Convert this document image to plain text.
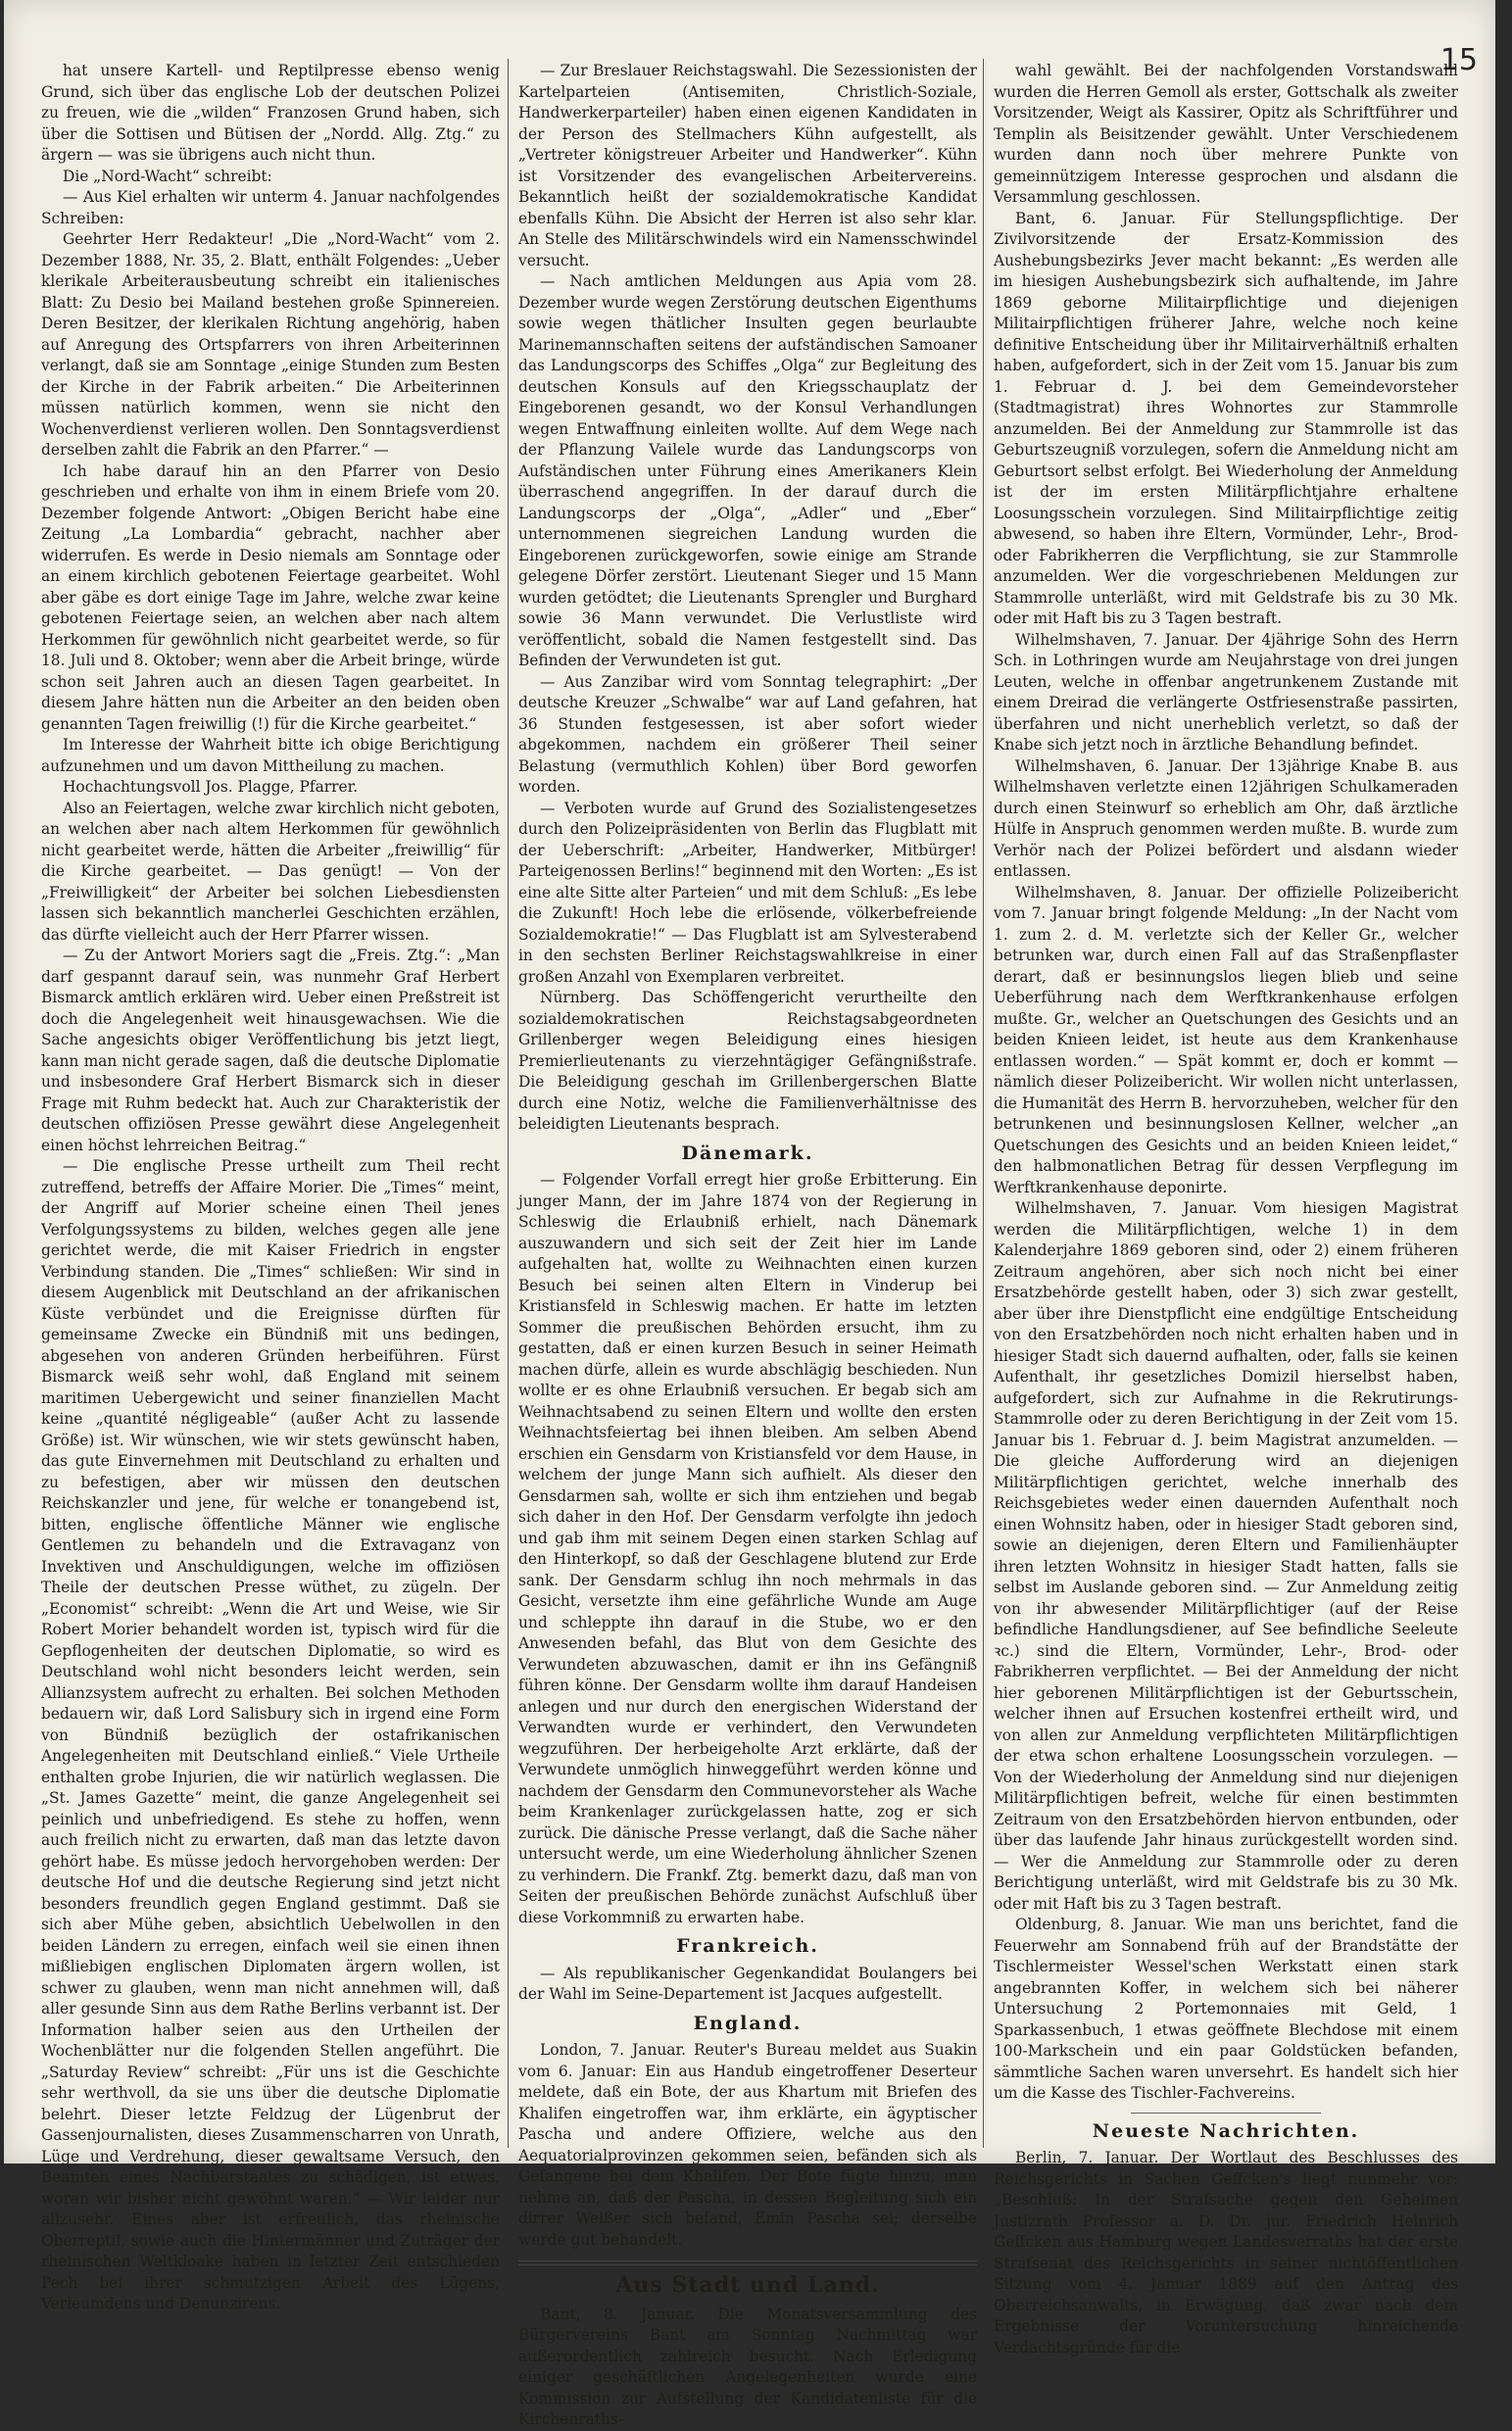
15

hat unsere Kartell- und Reptilpresse ebenso wenig Grund, sich über das englische Lob der deutschen Polizei zu freuen, wie die „wilden“ Franzosen Grund haben, sich über die Sottisen und Bütisen der „Nordd. Allg. Ztg.“ zu ärgern — was sie übrigens auch nicht thun.

Die „Nord-Wacht“ schreibt:

— Aus Kiel erhalten wir unterm 4. Januar nachfolgendes Schreiben:

Geehrter Herr Redakteur! „Die „Nord-Wacht“ vom 2. Dezember 1888, Nr. 35, 2. Blatt, enthält Folgendes: „Ueber klerikale Arbeiterausbeutung schreibt ein italienisches Blatt: Zu Desio bei Mailand bestehen große Spinnereien. Deren Besitzer, der klerikalen Richtung angehörig, haben auf Anregung des Ortspfarrers von ihren Arbeiterinnen verlangt, daß sie am Sonntage „einige Stunden zum Besten der Kirche in der Fabrik arbeiten.“ Die Arbeiterinnen müssen natürlich kommen, wenn sie nicht den Wochenverdienst verlieren wollen. Den Sonntagsverdienst derselben zahlt die Fabrik an den Pfarrer.“ —

Ich habe darauf hin an den Pfarrer von Desio geschrieben und erhalte von ihm in einem Briefe vom 20. Dezember folgende Antwort: „Obigen Bericht habe eine Zeitung „La Lombardia“ gebracht, nachher aber widerrufen. Es werde in Desio niemals am Sonntage oder an einem kirchlich gebotenen Feiertage gearbeitet. Wohl aber gäbe es dort einige Tage im Jahre, welche zwar keine gebotenen Feiertage seien, an welchen aber nach altem Herkommen für gewöhnlich nicht gearbeitet werde, so für 18. Juli und 8. Oktober; wenn aber die Arbeit bringe, würde schon seit Jahren auch an diesen Tagen gearbeitet. In diesem Jahre hätten nun die Arbeiter an den beiden oben genannten Tagen freiwillig (!) für die Kirche gearbeitet.“

Im Interesse der Wahrheit bitte ich obige Berichtigung aufzunehmen und um davon Mittheilung zu machen.

Hochachtungsvoll Jos. Plagge, Pfarrer.

Also an Feiertagen, welche zwar kirchlich nicht geboten, an welchen aber nach altem Herkommen für gewöhnlich nicht gearbeitet werde, hätten die Arbeiter „freiwillig“ für die Kirche gearbeitet. — Das genügt! — Von der „Freiwilligkeit“ der Arbeiter bei solchen Liebesdiensten lassen sich bekanntlich mancherlei Geschichten erzählen, das dürfte vielleicht auch der Herr Pfarrer wissen.

— Zu der Antwort Moriers sagt die „Freis. Ztg.“: „Man darf gespannt darauf sein, was nunmehr Graf Herbert Bismarck amtlich erklären wird. Ueber einen Preßstreit ist doch die Angelegenheit weit hinausgewachsen. Wie die Sache angesichts obiger Veröffentlichung bis jetzt liegt, kann man nicht gerade sagen, daß die deutsche Diplomatie und insbesondere Graf Herbert Bismarck sich in dieser Frage mit Ruhm bedeckt hat. Auch zur Charakteristik der deutschen offiziösen Presse gewährt diese Angelegenheit einen höchst lehrreichen Beitrag.“

— Die englische Presse urtheilt zum Theil recht zutreffend, betreffs der Affaire Morier. Die „Times“ meint, der Angriff auf Morier scheine einen Theil jenes Verfolgungssystems zu bilden, welches gegen alle jene gerichtet werde, die mit Kaiser Friedrich in engster Verbindung standen. Die „Times“ schließen: Wir sind in diesem Augenblick mit Deutschland an der afrikanischen Küste verbündet und die Ereignisse dürften für gemeinsame Zwecke ein Bündniß mit uns bedingen, abgesehen von anderen Gründen herbeiführen. Fürst Bismarck weiß sehr wohl, daß England mit seinem maritimen Uebergewicht und seiner finanziellen Macht keine „quantité négligeable“ (außer Acht zu lassende Größe) ist. Wir wünschen, wie wir stets gewünscht haben, das gute Einvernehmen mit Deutschland zu erhalten und zu befestigen, aber wir müssen den deutschen Reichskanzler und jene, für welche er tonangebend ist, bitten, englische öffentliche Männer wie englische Gentlemen zu behandeln und die Extravaganz von Invektiven und Anschuldigungen, welche im offiziösen Theile der deutschen Presse wüthet, zu zügeln. Der „Economist“ schreibt: „Wenn die Art und Weise, wie Sir Robert Morier behandelt worden ist, typisch wird für die Gepflogenheiten der deutschen Diplomatie, so wird es Deutschland wohl nicht besonders leicht werden, sein Allianzsystem aufrecht zu erhalten. Bei solchen Methoden bedauern wir, daß Lord Salisbury sich in irgend eine Form von Bündniß bezüglich der ostafrikanischen Angelegenheiten mit Deutschland einließ.“ Viele Urtheile enthalten grobe Injurien, die wir natürlich weglassen. Die „St. James Gazette“ meint, die ganze Angelegenheit sei peinlich und unbefriedigend. Es stehe zu hoffen, wenn auch freilich nicht zu erwarten, daß man das letzte davon gehört habe. Es müsse jedoch hervorgehoben werden: Der deutsche Hof und die deutsche Regierung sind jetzt nicht besonders freundlich gegen England gestimmt. Daß sie sich aber Mühe geben, absichtlich Uebelwollen in den beiden Ländern zu erregen, einfach weil sie einen ihnen mißliebigen englischen Diplomaten ärgern wollen, ist schwer zu glauben, wenn man nicht annehmen will, daß aller gesunde Sinn aus dem Rathe Berlins verbannt ist. Der Information halber seien aus den Urtheilen der Wochenblätter nur die folgenden Stellen angeführt. Die „Saturday Review“ schreibt: „Für uns ist die Geschichte sehr werthvoll, da sie uns über die deutsche Diplomatie belehrt. Dieser letzte Feldzug der Lügenbrut der Gassenjournalisten, dieses Zusammenscharren von Unrath, Lüge und Verdrehung, dieser gewaltsame Versuch, den Beamten eines Nachbarstaates zu schädigen, ist etwas, woran wir bisher nicht gewöhnt waren.“ — Wir leider nur allzusehr. Eines aber ist erfreulich, das rheinische Oberreptil, sowie auch die Hintermänner und Zuträger der rheinischen Weltkloake haben in letzter Zeit entschieden Pech bei ihrer schmutzigen Arbeit des Lügens, Verleumdens und Denunzirens.

— Zur Breslauer Reichstagswahl. Die Sezessionisten der Kartelparteien (Antisemiten, Christlich-Soziale, Handwerkerparteiler) haben einen eigenen Kandidaten in der Person des Stellmachers Kühn aufgestellt, als „Vertreter königstreuer Arbeiter und Handwerker“. Kühn ist Vorsitzender des evangelischen Arbeitervereins. Bekanntlich heißt der sozialdemokratische Kandidat ebenfalls Kühn. Die Absicht der Herren ist also sehr klar. An Stelle des Militärschwindels wird ein Namensschwindel versucht.

— Nach amtlichen Meldungen aus Apia vom 28. Dezember wurde wegen Zerstörung deutschen Eigenthums sowie wegen thätlicher Insulten gegen beurlaubte Marinemannschaften seitens der aufständischen Samoaner das Landungscorps des Schiffes „Olga“ zur Begleitung des deutschen Konsuls auf den Kriegsschauplatz der Eingeborenen gesandt, wo der Konsul Verhandlungen wegen Entwaffnung einleiten wollte. Auf dem Wege nach der Pflanzung Vailele wurde das Landungscorps von Aufständischen unter Führung eines Amerikaners Klein überraschend angegriffen. In der darauf durch die Landungscorps der „Olga“, „Adler“ und „Eber“ unternommenen siegreichen Landung wurden die Eingeborenen zurückgeworfen, sowie einige am Strande gelegene Dörfer zerstört. Lieutenant Sieger und 15 Mann wurden getödtet; die Lieutenants Sprengler und Burghard sowie 36 Mann verwundet. Die Verlustliste wird veröffentlicht, sobald die Namen festgestellt sind. Das Befinden der Verwundeten ist gut.

— Aus Zanzibar wird vom Sonntag telegraphirt: „Der deutsche Kreuzer „Schwalbe“ war auf Land gefahren, hat 36 Stunden festgesessen, ist aber sofort wieder abgekommen, nachdem ein größerer Theil seiner Belastung (vermuthlich Kohlen) über Bord geworfen worden.

— Verboten wurde auf Grund des Sozialistengesetzes durch den Polizeipräsidenten von Berlin das Flugblatt mit der Ueberschrift: „Arbeiter, Handwerker, Mitbürger! Parteigenossen Berlins!“ beginnend mit den Worten: „Es ist eine alte Sitte alter Parteien“ und mit dem Schluß: „Es lebe die Zukunft! Hoch lebe die erlösende, völkerbefreiende Sozialdemokratie!“ — Das Flugblatt ist am Sylvesterabend in den sechsten Berliner Reichstagswahlkreise in einer großen Anzahl von Exemplaren verbreitet.

Nürnberg. Das Schöffengericht verurtheilte den sozialdemokratischen Reichstagsabgeordneten Grillenberger wegen Beleidigung eines hiesigen Premierlieutenants zu vierzehntägiger Gefängnißstrafe. Die Beleidigung geschah im Grillenbergerschen Blatte durch eine Notiz, welche die Familienverhältnisse des beleidigten Lieutenants besprach.

Dänemark.

— Folgender Vorfall erregt hier große Erbitterung. Ein junger Mann, der im Jahre 1874 von der Regierung in Schleswig die Erlaubniß erhielt, nach Dänemark auszuwandern und sich seit der Zeit hier im Lande aufgehalten hat, wollte zu Weihnachten einen kurzen Besuch bei seinen alten Eltern in Vinderup bei Kristiansfeld in Schleswig machen. Er hatte im letzten Sommer die preußischen Behörden ersucht, ihm zu gestatten, daß er einen kurzen Besuch in seiner Heimath machen dürfe, allein es wurde abschlägig beschieden. Nun wollte er es ohne Erlaubniß versuchen. Er begab sich am Weihnachtsabend zu seinen Eltern und wollte den ersten Weihnachtsfeiertag bei ihnen bleiben. Am selben Abend erschien ein Gensdarm von Kristiansfeld vor dem Hause, in welchem der junge Mann sich aufhielt. Als dieser den Gensdarmen sah, wollte er sich ihm entziehen und begab sich daher in den Hof. Der Gensdarm verfolgte ihn jedoch und gab ihm mit seinem Degen einen starken Schlag auf den Hinterkopf, so daß der Geschlagene blutend zur Erde sank. Der Gensdarm schlug ihn noch mehrmals in das Gesicht, versetzte ihm eine gefährliche Wunde am Auge und schleppte ihn darauf in die Stube, wo er den Anwesenden befahl, das Blut von dem Gesichte des Verwundeten abzuwaschen, damit er ihn ins Gefängniß führen könne. Der Gensdarm wollte ihm darauf Handeisen anlegen und nur durch den energischen Widerstand der Verwandten wurde er verhindert, den Verwundeten wegzuführen. Der herbeigeholte Arzt erklärte, daß der Verwundete unmöglich hinweggeführt werden könne und nachdem der Gensdarm den Communevorsteher als Wache beim Krankenlager zurückgelassen hatte, zog er sich zurück. Die dänische Presse verlangt, daß die Sache näher untersucht werde, um eine Wiederholung ähnlicher Szenen zu verhindern. Die Frankf. Ztg. bemerkt dazu, daß man von Seiten der preußischen Behörde zunächst Aufschluß über diese Vorkommniß zu erwarten habe.

Frankreich.

— Als republikanischer Gegenkandidat Boulangers bei der Wahl im Seine-Departement ist Jacques aufgestellt.

England.

London, 7. Januar. Reuter's Bureau meldet aus Suakin vom 6. Januar: Ein aus Handub eingetroffener Deserteur meldete, daß ein Bote, der aus Khartum mit Briefen des Khalifen eingetroffen war, ihm erklärte, ein ägyptischer Pascha und andere Offiziere, welche aus den Aequatorialprovinzen gekommen seien, befänden sich als Gefangene bei dem Khalifen. Der Bote fügte hinzu, man nehme an, daß der Pascha, in dessen Begleitung sich ein dirrer Weißer sich befand, Emin Pascha sei; derselbe werde gut behandelt.

Aus Stadt und Land.

Bant, 8. Januar. Die Monatsversammlung des Bürgervereins Bant am Sonntag Nachmittag war außerordentlich zahlreich besucht. Nach Erledigung einiger geschäftlichen Angelegenheiten wurde eine Kommission zur Aufstellung der Kandidatenliste für die Kirchenraths-

wahl gewählt. Bei der nachfolgenden Vorstandswahl wurden die Herren Gemoll als erster, Gottschalk als zweiter Vorsitzender, Weigt als Kassirer, Opitz als Schriftführer und Templin als Beisitzender gewählt. Unter Verschiedenem wurden dann noch über mehrere Punkte von gemeinnützigem Interesse gesprochen und alsdann die Versammlung geschlossen.

Bant, 6. Januar. Für Stellungspflichtige. Der Zivilvorsitzende der Ersatz-Kommission des Aushebungsbezirks Jever macht bekannt: „Es werden alle im hiesigen Aushebungsbezirk sich aufhaltende, im Jahre 1869 geborne Militairpflichtige und diejenigen Militairpflichtigen früherer Jahre, welche noch keine definitive Entscheidung über ihr Militairverhältniß erhalten haben, aufgefordert, sich in der Zeit vom 15. Januar bis zum 1. Februar d. J. bei dem Gemeindevorsteher (Stadtmagistrat) ihres Wohnortes zur Stammrolle anzumelden. Bei der Anmeldung zur Stammrolle ist das Geburtszeugniß vorzulegen, sofern die Anmeldung nicht am Geburtsort selbst erfolgt. Bei Wiederholung der Anmeldung ist der im ersten Militärpflichtjahre erhaltene Loosungsschein vorzulegen. Sind Militairpflichtige zeitig abwesend, so haben ihre Eltern, Vormünder, Lehr-, Brod- oder Fabrikherren die Verpflichtung, sie zur Stammrolle anzumelden. Wer die vorgeschriebenen Meldungen zur Stammrolle unterläßt, wird mit Geldstrafe bis zu 30 Mk. oder mit Haft bis zu 3 Tagen bestraft.

Wilhelmshaven, 7. Januar. Der 4jährige Sohn des Herrn Sch. in Lothringen wurde am Neujahrstage von drei jungen Leuten, welche in offenbar angetrunkenem Zustande mit einem Dreirad die verlängerte Ostfriesenstraße passirten, überfahren und nicht unerheblich verletzt, so daß der Knabe sich jetzt noch in ärztliche Behandlung befindet.

Wilhelmshaven, 6. Januar. Der 13jährige Knabe B. aus Wilhelmshaven verletzte einen 12jährigen Schulkameraden durch einen Steinwurf so erheblich am Ohr, daß ärztliche Hülfe in Anspruch genommen werden mußte. B. wurde zum Verhör nach der Polizei befördert und alsdann wieder entlassen.

Wilhelmshaven, 8. Januar. Der offizielle Polizeibericht vom 7. Januar bringt folgende Meldung: „In der Nacht vom 1. zum 2. d. M. verletzte sich der Keller Gr., welcher betrunken war, durch einen Fall auf das Straßenpflaster derart, daß er besinnungslos liegen blieb und seine Ueberführung nach dem Werftkrankenhause erfolgen mußte. Gr., welcher an Quetschungen des Gesichts und an beiden Knieen leidet, ist heute aus dem Krankenhause entlassen worden.“ — Spät kommt er, doch er kommt — nämlich dieser Polizeibericht. Wir wollen nicht unterlassen, die Humanität des Herrn B. hervorzuheben, welcher für den betrunkenen und besinnungslosen Kellner, welcher „an Quetschungen des Gesichts und an beiden Knieen leidet,“ den halbmonatlichen Betrag für dessen Verpflegung im Werftkrankenhause deponirte.

Wilhelmshaven, 7. Januar. Vom hiesigen Magistrat werden die Militärpflichtigen, welche 1) in dem Kalenderjahre 1869 geboren sind, oder 2) einem früheren Zeitraum angehören, aber sich noch nicht bei einer Ersatzbehörde gestellt haben, oder 3) sich zwar gestellt, aber über ihre Dienstpflicht eine endgültige Entscheidung von den Ersatzbehörden noch nicht erhalten haben und in hiesiger Stadt sich dauernd aufhalten, oder, falls sie keinen Aufenthalt, ihr gesetzliches Domizil hierselbst haben, aufgefordert, sich zur Aufnahme in die Rekrutirungs-Stammrolle oder zu deren Berichtigung in der Zeit vom 15. Januar bis 1. Februar d. J. beim Magistrat anzumelden. — Die gleiche Aufforderung wird an diejenigen Militärpflichtigen gerichtet, welche innerhalb des Reichsgebietes weder einen dauernden Aufenthalt noch einen Wohnsitz haben, oder in hiesiger Stadt geboren sind, sowie an diejenigen, deren Eltern und Familienhäupter ihren letzten Wohnsitz in hiesiger Stadt hatten, falls sie selbst im Auslande geboren sind. — Zur Anmeldung zeitig von ihr abwesender Militärpflichtiger (auf der Reise befindliche Handlungsdiener, auf See befindliche Seeleute ꝛc.) sind die Eltern, Vormünder, Lehr-, Brod- oder Fabrikherren verpflichtet. — Bei der Anmeldung der nicht hier geborenen Militärpflichtigen ist der Geburtsschein, welcher ihnen auf Ersuchen kostenfrei ertheilt wird, und von allen zur Anmeldung verpflichteten Militärpflichtigen der etwa schon erhaltene Loosungsschein vorzulegen. — Von der Wiederholung der Anmeldung sind nur diejenigen Militärpflichtigen befreit, welche für einen bestimmten Zeitraum von den Ersatzbehörden hiervon entbunden, oder über das laufende Jahr hinaus zurückgestellt worden sind. — Wer die Anmeldung zur Stammrolle oder zu deren Berichtigung unterläßt, wird mit Geldstrafe bis zu 30 Mk. oder mit Haft bis zu 3 Tagen bestraft.

Oldenburg, 8. Januar. Wie man uns berichtet, fand die Feuerwehr am Sonnabend früh auf der Brandstätte der Tischlermeister Wessel'schen Werkstatt einen stark angebrannten Koffer, in welchem sich bei näherer Untersuchung 2 Portemonnaies mit Geld, 1 Sparkassenbuch, 1 etwas geöffnete Blechdose mit einem 100-Markschein und ein paar Goldstücken befanden, sämmtliche Sachen waren unversehrt. Es handelt sich hier um die Kasse des Tischler-Fachvereins.

Neueste Nachrichten.

Berlin, 7. Januar. Der Wortlaut des Beschlusses des Reichsgerichts in Sachen Geffcken's liegt nunmehr vor: „Beschluß: In der Strafsache gegen den Geheimen Justizrath Professor a. D. Dr. jur. Friedrich Heinrich Geffcken aus Hamburg wegen Landesverraths hat der erste Strafsenat des Reichsgerichts in seiner nichtöffentlichen Sitzung vom 4. Januar 1889 auf den Antrag des Oberreichsanwalts, in Erwägung, daß zwar nach dem Ergebnisse der Voruntersuchung hinreichende Verdachtsgründe für die
